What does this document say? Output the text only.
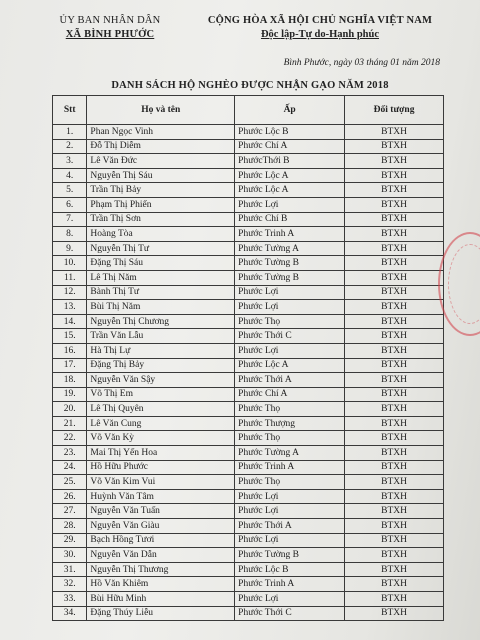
ỦY BAN NHÂN DÂN
XÃ BÌNH PHƯỚC
CỘNG HÒA XÃ HỘI CHỦ NGHĨA VIỆT NAM
Độc lập-Tự do-Hạnh phúc
Bình Phước, ngày 03 tháng 01 năm 2018
DANH SÁCH HỘ NGHÈO ĐƯỢC NHẬN GẠO NĂM 2018
Stt	Họ và tên	Ấp	Đối tượng
1.	Phan Ngọc Vinh	Phước Lộc B	BTXH
2.	Đỗ Thị Diễm	Phước Chí A	BTXH
3.	Lê Văn Đức	PhướcThới B	BTXH
4.	Nguyễn Thị Sáu	Phước Lộc A	BTXH
5.	Trần Thị Bảy	Phước Lộc A	BTXH
6.	Phạm Thị Phiến	Phước Lợi	BTXH
7.	Trần Thị Sơn	Phước Chí B	BTXH
8.	Hoàng Tòa	Phước Trinh A	BTXH
9.	Nguyễn Thị Tư	Phước Tường A	BTXH
10.	Đặng Thị Sáu	Phước Tường B	BTXH
11.	Lê Thị Năm	Phước Tường B	BTXH
12.	Bành Thị Tư	Phước Lợi	BTXH
13.	Bùi Thị Năm	Phước Lợi	BTXH
14.	Nguyễn Thị Chương	Phước Thọ	BTXH
15.	Trần Văn Lẫu	Phước Thới C	BTXH
16.	Hà Thị Lự	Phước Lợi	BTXH
17.	Đặng Thị Bảy	Phước Lộc A	BTXH
18.	Nguyễn Văn Sậy	Phước Thới A	BTXH
19.	Võ Thị Em	Phước Chí A	BTXH
20.	Lê Thị Quyên	Phước Thọ	BTXH
21.	Lê Văn Cung	Phước Thượng	BTXH
22.	Võ Văn Kỳ	Phước Thọ	BTXH
23.	Mai Thị Yến Hoa	Phước Tường A	BTXH
24.	Hồ Hữu Phước	Phước Trinh A	BTXH
25.	Võ Văn Kim Vui	Phước Thọ	BTXH
26.	Huỳnh Văn Tâm	Phước Lợi	BTXH
27.	Nguyễn Văn Tuấn	Phước Lợi	BTXH
28.	Nguyễn Văn Giàu	Phước Thới A	BTXH
29.	Bạch Hồng Tươi	Phước Lợi	BTXH
30.	Nguyễn Văn Dẫn	Phước Tường B	BTXH
31.	Nguyễn Thị Thương	Phước Lộc B	BTXH
32.	Hồ Văn Khiêm	Phước Trinh A	BTXH
33.	Bùi Hữu Minh	Phước Lợi	BTXH
34.	Đặng Thúy Liễu	Phước Thới C	BTXH
